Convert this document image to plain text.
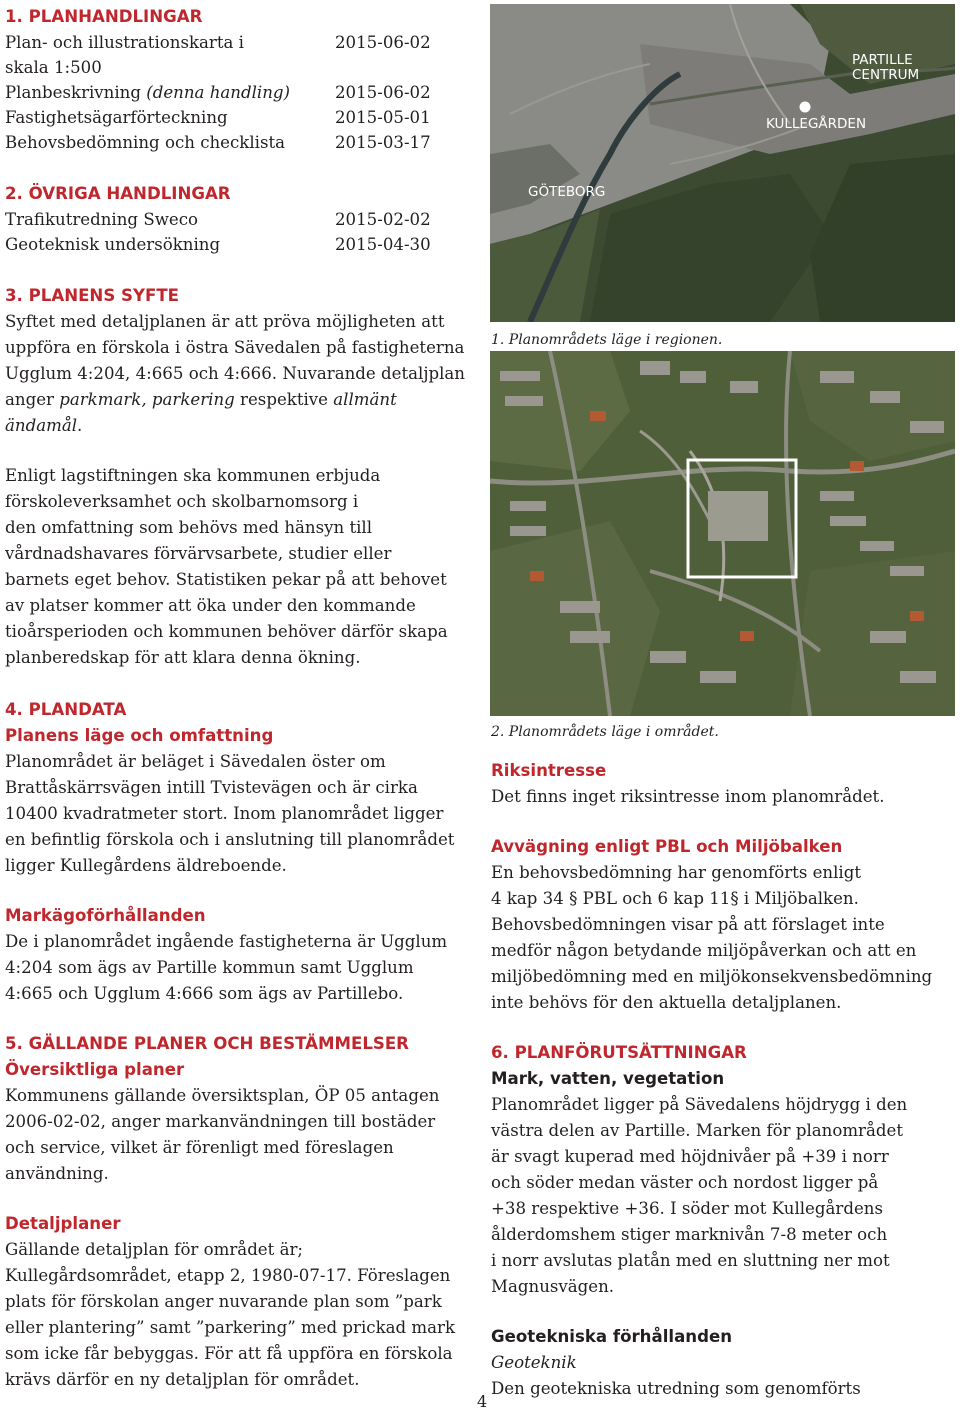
1. PLANHANDLINGAR

Plan- och illustrationskarta i	2015-06-02
skala 1:500
Planbeskrivning (denna handling)	2015-06-02
Fastighetsägarförteckning	2015-05-01
Behovsbedömning och checklista	2015-03-17

2. ÖVRIGA HANDLINGAR

Trafikutredning Sweco	2015-02-02
Geoteknisk undersökning	2015-04-30

3. PLANENS SYFTE

Syftet med detaljplanen är att pröva möjligheten att

uppföra en förskola i östra Sävedalen på fastigheterna

Ugglum 4:204, 4:665 och 4:666. Nuvarande detaljplan

anger parkmark, parkering respektive allmänt

ändamål.

Enligt lagstiftningen ska kommunen erbjuda

förskoleverksamhet och skolbarnomsorg i

den omfattning som behövs med hänsyn till

vårdnadshavares förvärvsarbete, studier eller

barnets eget behov. Statistiken pekar på att behovet

av platser kommer att öka under den kommande

tioårsperioden och kommunen behöver därför skapa

planberedskap för att klara denna ökning.

4. PLANDATA

Planens läge och omfattning

Planområdet är beläget i Sävedalen öster om

Brattåskärrsvägen intill Tvistevägen och är cirka

10400 kvadratmeter stort. Inom planområdet ligger

en befintlig förskola och i anslutning till planområdet

ligger Kullegårdens äldreboende.

Markägoförhållanden

De i planområdet ingående fastigheterna är Ugglum

4:204 som ägs av Partille kommun samt Ugglum

4:665 och Ugglum 4:666 som ägs av Partillebo.

5. GÄLLANDE PLANER OCH BESTÄMMELSER

Översiktliga planer

Kommunens gällande översiktsplan, ÖP 05 antagen

2006-02-02, anger markanvändningen till bostäder

och service, vilket är förenligt med föreslagen

användning.

Detaljplaner

Gällande detaljplan för området är;

Kullegårdsområdet, etapp 2, 1980-07-17. Föreslagen

plats för förskolan anger nuvarande plan som ”park

eller plantering” samt ”parkering” med prickad mark

som icke får bebyggas. För att få uppföra en förskola

krävs därför en ny detaljplan för området.

PARTILLE
CENTRUM
KULLEGÅRDEN
GÖTEBORG

1. Planområdets läge i regionen.

2. Planområdets läge i området.

Riksintresse

Det finns inget riksintresse inom planområdet.

Avvägning enligt PBL och Miljöbalken

En behovsbedömning har genomförts enligt

4 kap 34 § PBL och 6 kap 11§ i Miljöbalken.

Behovsbedömningen visar på att förslaget inte

medför någon betydande miljöpåverkan och att en

miljöbedömning med en miljökonsekvensbedömning

inte behövs för den aktuella detaljplanen.

6. PLANFÖRUTSÄTTNINGAR

Mark, vatten, vegetation

Planområdet ligger på Sävedalens höjdrygg i den

västra delen av Partille. Marken för planområdet

är svagt kuperad med höjdnivåer på +39 i norr

och söder medan väster och nordost ligger på

+38 respektive +36. I söder mot Kullegårdens

ålderdomshem stiger marknivån 7-8 meter och

i norr avslutas platån med en sluttning ner mot

Magnusvägen.

Geotekniska förhållanden

Geoteknik

Den geotekniska utredning som genomförts

4
